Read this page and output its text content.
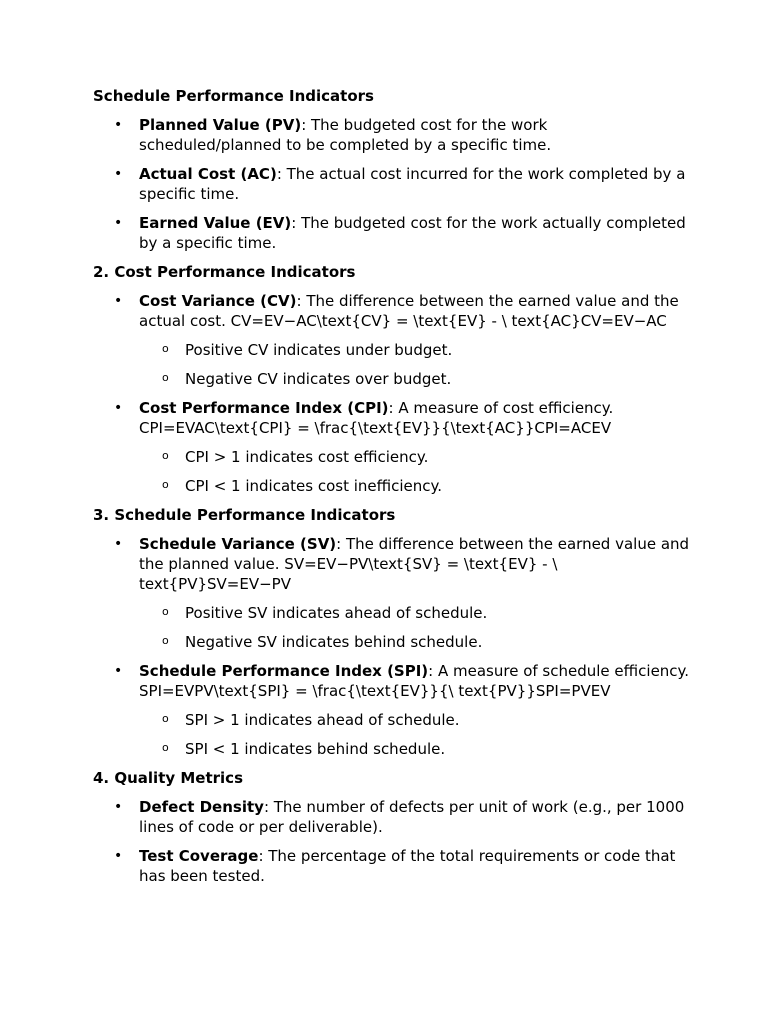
Schedule Performance Indicators
• Planned Value (PV): The budgeted cost for the work scheduled/planned to be completed by a specific time.
• Actual Cost (AC): The actual cost incurred for the work completed by a specific time.
• Earned Value (EV): The budgeted cost for the work actually completed by a specific time.
2. Cost Performance Indicators
• Cost Variance (CV): The difference between the earned value and the actual cost. CV=EV−AC\text{CV} = \text{EV} - \ text{AC}CV=EV−AC
o Positive CV indicates under budget.
o Negative CV indicates over budget.
• Cost Performance Index (CPI): A measure of cost efficiency. CPI=EVAC\text{CPI} = \frac{\text{EV}}{\text{AC}}CPI=ACEV
o CPI > 1 indicates cost efficiency.
o CPI < 1 indicates cost inefficiency.
3. Schedule Performance Indicators
• Schedule Variance (SV): The difference between the earned value and the planned value. SV=EV−PV\text{SV} = \text{EV} - \ text{PV}SV=EV−PV
o Positive SV indicates ahead of schedule.
o Negative SV indicates behind schedule.
• Schedule Performance Index (SPI): A measure of schedule efficiency. SPI=EVPV\text{SPI} = \frac{\text{EV}}{\ text{PV}}SPI=PVEV
o SPI > 1 indicates ahead of schedule.
o SPI < 1 indicates behind schedule.
4. Quality Metrics
• Defect Density: The number of defects per unit of work (e.g., per 1000 lines of code or per deliverable).
• Test Coverage: The percentage of the total requirements or code that has been tested.
